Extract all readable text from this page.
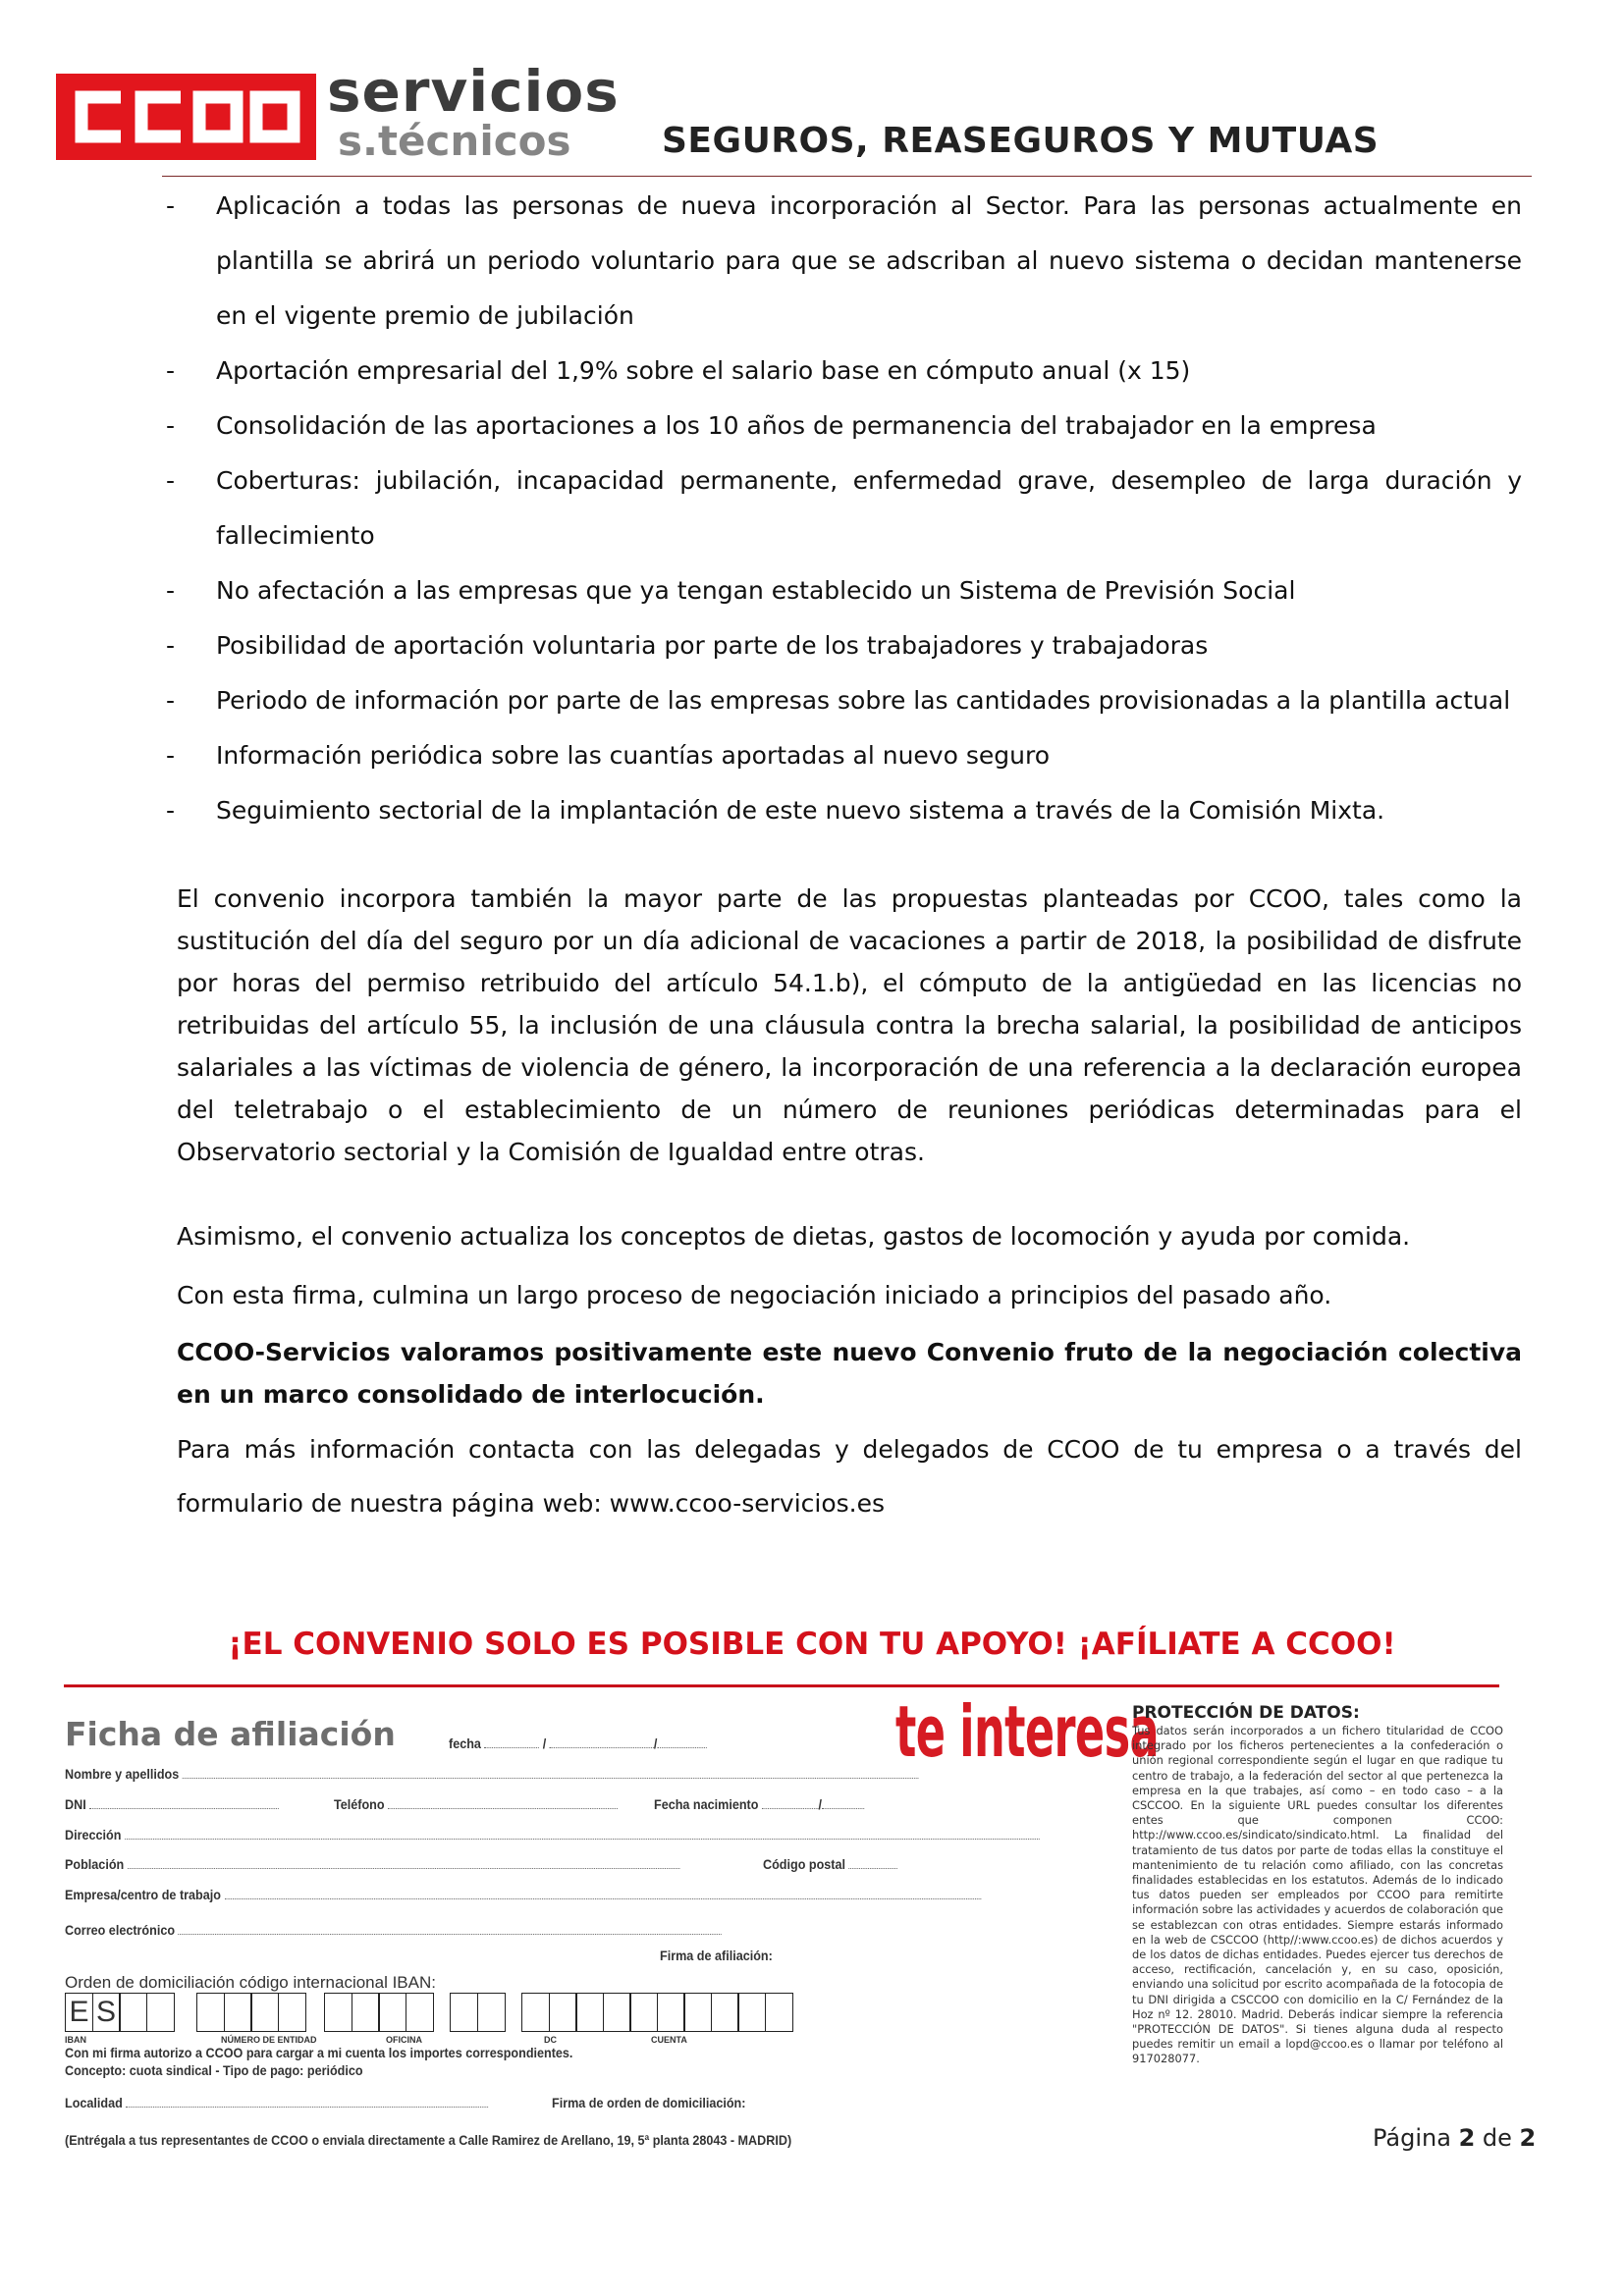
servicios
s.técnicos	SEGUROS, REASEGUROS Y MUTUAS
- Aplicación a todas las personas de nueva incorporación al Sector. Para las personas actualmente en plantilla se abrirá un periodo voluntario para que se adscriban al nuevo sistema o decidan mantenerse en el vigente premio de jubilación
- Aportación empresarial del 1,9% sobre el salario base en cómputo anual (x 15)
- Consolidación de las aportaciones a los 10 años de permanencia del trabajador en la empresa
- Coberturas: jubilación, incapacidad permanente, enfermedad grave, desempleo de larga duración y fallecimiento
- No afectación a las empresas que ya tengan establecido un Sistema de Previsión Social
- Posibilidad de aportación voluntaria por parte de los trabajadores y trabajadoras
- Periodo de información por parte de las empresas sobre las cantidades provisionadas a la plantilla actual
- Información periódica sobre las cuantías aportadas al nuevo seguro
- Seguimiento sectorial de la implantación de este nuevo sistema a través de la Comisión Mixta.
El convenio incorpora también la mayor parte de las propuestas planteadas por CCOO, tales como la sustitución del día del seguro por un día adicional de vacaciones a partir de 2018, la posibilidad de disfrute por horas del permiso retribuido del artículo 54.1.b), el cómputo de la antigüedad en las licencias no retribuidas del artículo 55, la inclusión de una cláusula contra la brecha salarial, la posibilidad de anticipos salariales a las víctimas de violencia de género, la incorporación de una referencia a la declaración europea del teletrabajo o el establecimiento de un número de reuniones periódicas determinadas para el Observatorio sectorial y la Comisión de Igualdad entre otras.
Asimismo, el convenio actualiza los conceptos de dietas, gastos de locomoción y ayuda por comida.
Con esta firma, culmina un largo proceso de negociación iniciado a principios del pasado año.
CCOO-Servicios valoramos positivamente este nuevo Convenio fruto de la negociación colectiva en un marco consolidado de interlocución.
Para más información contacta con las delegadas y delegados de CCOO de tu empresa o a través del formulario de nuestra página web: www.ccoo-servicios.es
¡EL CONVENIO SOLO ES POSIBLE CON TU APOYO! ¡AFÍLIATE A CCOO!
Ficha de afiliación	fecha	/	/	te interesa
Nombre y apellidos
DNI	Teléfono	Fecha nacimiento	/
Dirección
Población	Código postal
Empresa/centro de trabajo
Correo electrónico
Firma de afiliación:
Orden de domiciliación código internacional IBAN:
E S
IBAN	NÚMERO DE ENTIDAD	OFICINA	DC	CUENTA
Con mi firma autorizo a CCOO para cargar a mi cuenta los importes correspondientes.
Concepto: cuota sindical - Tipo de pago: periódico
Localidad	Firma de orden de domiciliación:
(Entrégala a tus representantes de CCOO o enviala directamente a Calle Ramirez de Arellano, 19, 5ª planta 28043 - MADRID)
PROTECCIÓN DE DATOS:
Tus datos serán incorporados a un fichero titularidad de CCOO integrado por los ficheros pertenecientes a la confederación o unión regional correspondiente según el lugar en que radique tu centro de trabajo, a la federación del sector al que pertenezca la empresa en la que trabajes, así como – en todo caso – a la CSCCOO. En la siguiente URL puedes consultar los diferentes entes que componen CCOO: http://www.ccoo.es/sindicato/sindicato.html. La finalidad del tratamiento de tus datos por parte de todas ellas la constituye el mantenimiento de tu relación como afiliado, con las concretas finalidades establecidas en los estatutos. Además de lo indicado tus datos pueden ser empleados por CCOO para remitirte información sobre las actividades y acuerdos de colaboración que se establezcan con otras entidades. Siempre estarás informado en la web de CSCCOO (http//:www.ccoo.es) de dichos acuerdos y de los datos de dichas entidades. Puedes ejercer tus derechos de acceso, rectificación, cancelación y, en su caso, oposición, enviando una solicitud por escrito acompañada de la fotocopia de tu DNI dirigida a CSCCOO con domicilio en la C/ Fernández de la Hoz nº 12. 28010. Madrid. Deberás indicar siempre la referencia "PROTECCIÓN DE DATOS". Si tienes alguna duda al respecto puedes remitir un email a lopd@ccoo.es o llamar por teléfono al 917028077.
Página 2 de 2
